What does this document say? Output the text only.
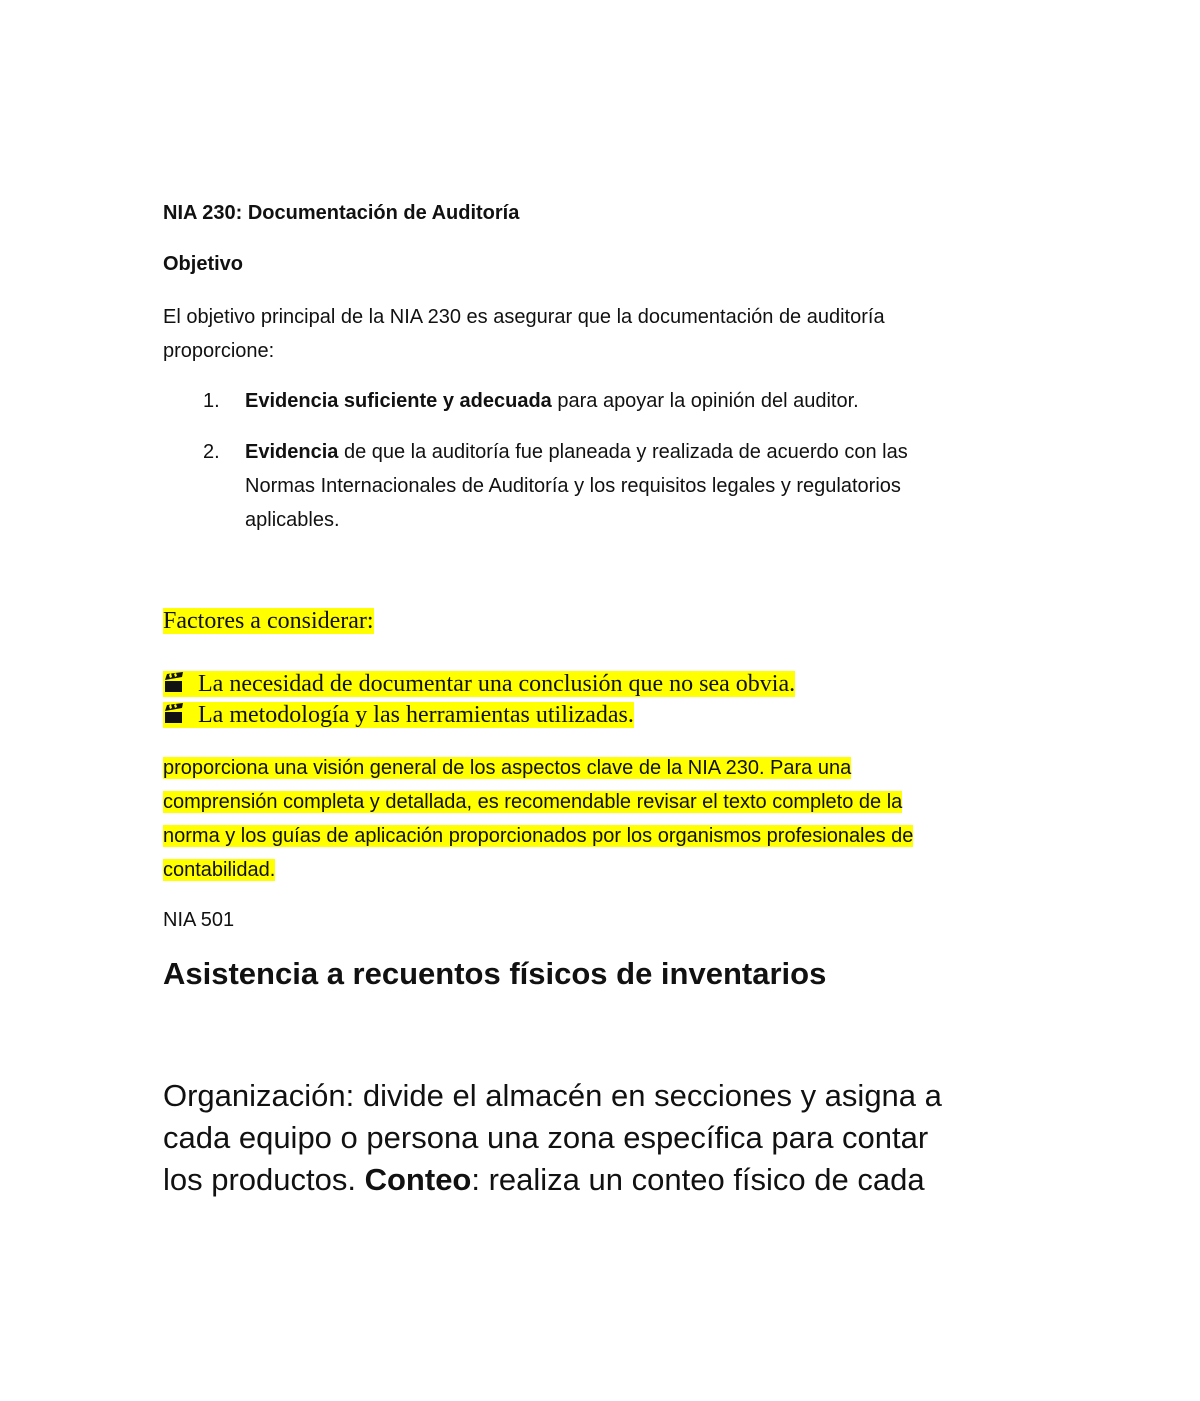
NIA 230: Documentación de Auditoría
Objetivo
El objetivo principal de la NIA 230 es asegurar que la documentación de auditoría
proporcione:
1. Evidencia suficiente y adecuada para apoyar la opinión del auditor.
2. Evidencia de que la auditoría fue planeada y realizada de acuerdo con las
Normas Internacionales de Auditoría y los requisitos legales y regulatorios
aplicables.
Factores a considerar:
La necesidad de documentar una conclusión que no sea obvia.
La metodología y las herramientas utilizadas.
proporciona una visión general de los aspectos clave de la NIA 230. Para una
comprensión completa y detallada, es recomendable revisar el texto completo de la
norma y los guías de aplicación proporcionados por los organismos profesionales de
contabilidad.
NIA 501
Asistencia a recuentos físicos de inventarios
Organización: divide el almacén en secciones y asigna a
cada equipo o persona una zona específica para contar
los productos. Conteo: realiza un conteo físico de cada
